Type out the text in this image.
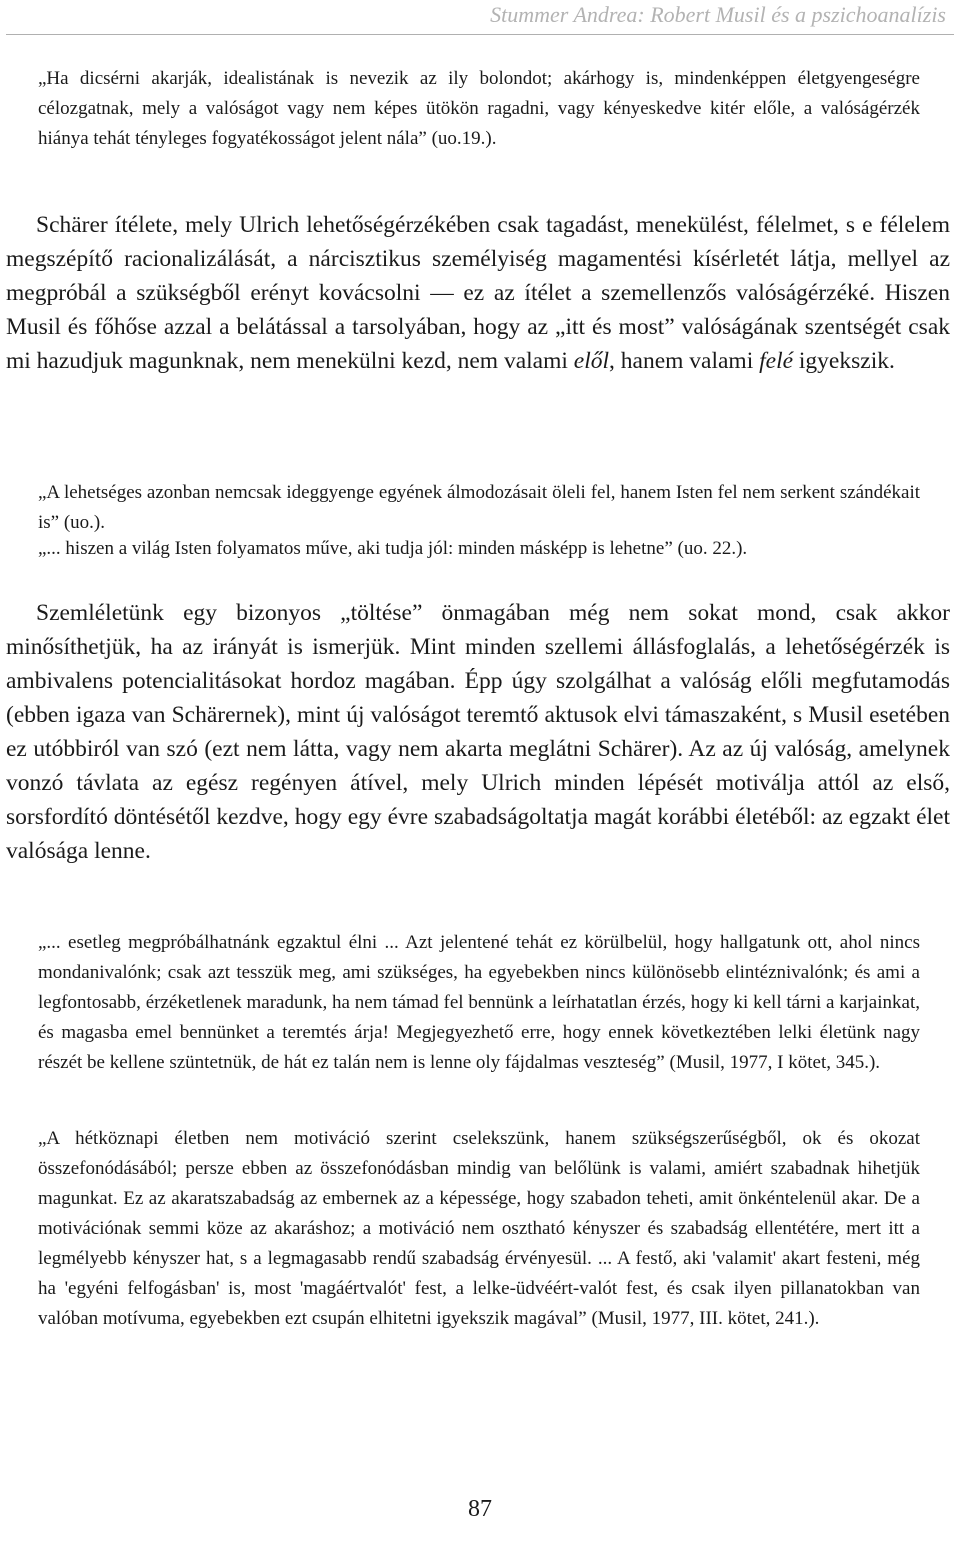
Stummer Andrea: Robert Musil és a pszichoanalízis
„Ha dicsérni akarják, idealistának is nevezik az ily bolondot; akárhogy is, mindenképpen életgyengeségre célozgatnak, mely a valóságot vagy nem képes ütökön ragadni, vagy kényeskedve kitér előle, a valóságérzék hiánya tehát tényleges fogyatékosságot jelent nála” (uo.19.).
Schärer ítélete, mely Ulrich lehetőségérzékében csak tagadást, menekülést, félelmet, s e félelem megszépítő racionalizálását, a nárcisztikus személyiség magamentési kísérletét látja, mellyel az megpróbál a szükségből erényt kovácsolni — ez az ítélet a szemellenzős valóságérzéké. Hiszen Musil és főhőse azzal a belátással a tarsolyában, hogy az „itt és most” valóságának szentségét csak mi hazudjuk magunknak, nem menekülni kezd, nem valami elől, hanem valami felé igyekszik.
„A lehetséges azonban nemcsak ideggyenge egyének álmodozásait öleli fel, hanem Isten fel nem serkent szándékait is” (uo.).
„... hiszen a világ Isten folyamatos műve, aki tudja jól: minden másképp is lehetne” (uo. 22.).
Szemléletünk egy bizonyos „töltése” önmagában még nem sokat mond, csak akkor minősíthetjük, ha az irányát is ismerjük. Mint minden szellemi állásfoglalás, a lehetőségérzék is ambivalens potencialitásokat hordoz magában. Épp úgy szolgálhat a valóság előli megfutamodás (ebben igaza van Schärernek), mint új valóságot teremtő aktusok elvi támaszaként, s Musil esetében ez utóbbiról van szó (ezt nem látta, vagy nem akarta meglátni Schärer). Az az új valóság, amelynek vonzó távlata az egész regényen átível, mely Ulrich minden lépését motiválja attól az első, sorsfordító döntésétől kezdve, hogy egy évre szabadságoltatja magát korábbi életéből: az egzakt élet valósága lenne.
„... esetleg megpróbálhatnánk egzaktul élni ... Azt jelentené tehát ez körülbelül, hogy hallgatunk ott, ahol nincs mondanivalónk; csak azt tesszük meg, ami szükséges, ha egyebekben nincs különösebb elintéznivalónk; és ami a legfontosabb, érzéketlenek maradunk, ha nem támad fel bennünk a leírhatatlan érzés, hogy ki kell tárni a karjainkat, és magasba emel bennünket a teremtés árja! Megjegyezhető erre, hogy ennek következtében lelki életünk nagy részét be kellene szüntetnük, de hát ez talán nem is lenne oly fájdalmas veszteség” (Musil, 1977, I kötet, 345.).
„A hétköznapi életben nem motiváció szerint cselekszünk, hanem szükségszerűségből, ok és okozat összefonódásából; persze ebben az összefonódásban mindig van belőlünk is valami, amiért szabadnak hihetjük magunkat. Ez az akaratszabadság az embernek az a képessége, hogy szabadon teheti, amit önkéntelenül akar. De a motivációnak semmi köze az akaráshoz; a motiváció nem osztható kényszer és szabadság ellentétére, mert itt a legmélyebb kényszer hat, s a legmagasabb rendű szabadság érvényesül. ... A festő, aki 'valamit' akart festeni, még ha 'egyéni felfogásban' is, most 'magáértvalót' fest, a lelke-üdvéért-valót fest, és csak ilyen pillanatokban van valóban motívuma, egyebekben ezt csupán elhitetni igyekszik magával” (Musil, 1977, III. kötet, 241.).
87
